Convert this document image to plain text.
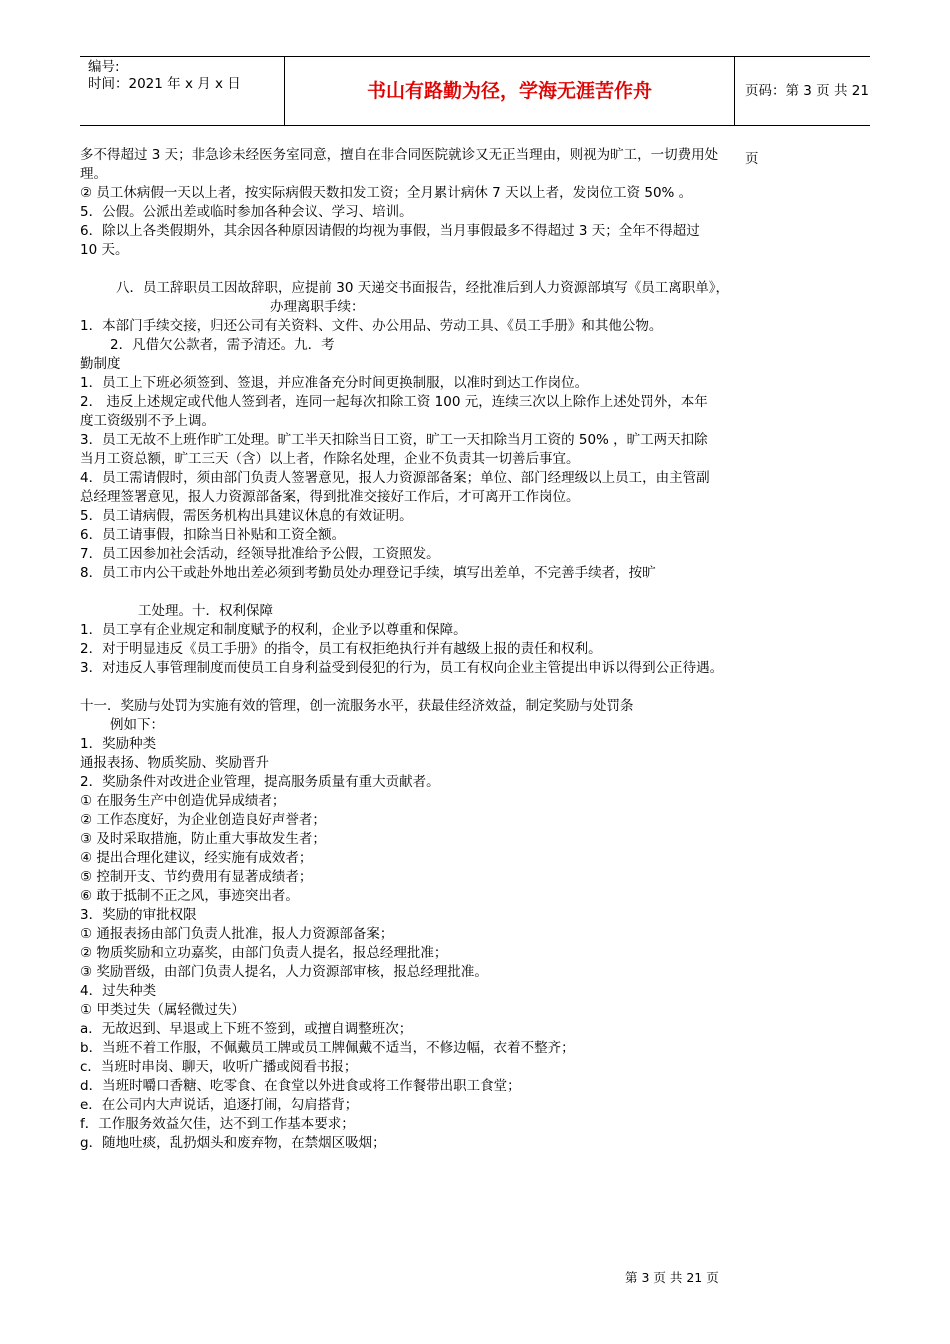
编号:
时间：2021 年 x 月 x 日	书山有路勤为径，学海无涯苦作舟	页码：第 3 页 共 21 页
多不得超过 3 天；非急诊未经医务室同意，擅自在非合同医院就诊又无正当理由，则视为旷工，一切费用处
理。
② 员工休病假一天以上者，按实际病假天数扣发工资；全月累计病休 7 天以上者，发岗位工资 50% 。
5．公假。公派出差或临时参加各种会议、学习、培训。
6．除以上各类假期外，其余因各种原因请假的均视为事假，当月事假最多不得超过 3 天；全年不得超过
10 天。
八．员工辞职员工因故辞职，应提前 30 天递交书面报告，经批准后到人力资源部填写《员工离职单》，
办理离职手续：
1．本部门手续交接，归还公司有关资料、文件、办公用品、劳动工具、《员工手册》和其他公物。
2．凡借欠公款者，需予清还。九．考
勤制度
1．员工上下班必须签到、签退，并应准备充分时间更换制服，以准时到达工作岗位。
2． 违反上述规定或代他人签到者，连同一起每次扣除工资 100 元，连续三次以上除作上述处罚外，本年
度工资级别不予上调。
3．员工无故不上班作旷工处理。旷工半天扣除当日工资，旷工一天扣除当月工资的 50% ，旷工两天扣除
当月工资总额，旷工三天（含）以上者，作除名处理，企业不负责其一切善后事宜。
4．员工需请假时，须由部门负责人签署意见，报人力资源部备案；单位、部门经理级以上员工，由主管副
总经理签署意见，报人力资源部备案，得到批准交接好工作后，才可离开工作岗位。
5．员工请病假，需医务机构出具建议休息的有效证明。
6．员工请事假，扣除当日补贴和工资全额。
7．员工因参加社会活动，经领导批准给予公假，工资照发。
8．员工市内公干或赴外地出差必须到考勤员处办理登记手续，填写出差单，不完善手续者，按旷
工处理。十．权利保障
1．员工享有企业规定和制度赋予的权利，企业予以尊重和保障。
2．对于明显违反《员工手册》的指令，员工有权拒绝执行并有越级上报的责任和权利。
3．对违反人事管理制度而使员工自身利益受到侵犯的行为，员工有权向企业主管提出申诉以得到公正待遇。
十一．奖励与处罚为实施有效的管理，创一流服务水平，获最佳经济效益，制定奖励与处罚条
例如下：
1．奖励种类
通报表扬、物质奖励、奖励晋升
2．奖励条件对改进企业管理，提高服务质量有重大贡献者。
① 在服务生产中创造优异成绩者；
② 工作态度好，为企业创造良好声誉者；
③ 及时采取措施，防止重大事故发生者；
④ 提出合理化建议，经实施有成效者；
⑤ 控制开支、节约费用有显著成绩者；
⑥ 敢于抵制不正之风，事迹突出者。
3．奖励的审批权限
① 通报表扬由部门负责人批准，报人力资源部备案；
② 物质奖励和立功嘉奖，由部门负责人提名，报总经理批准；
③ 奖励晋级，由部门负责人提名，人力资源部审核，报总经理批准。
4．过失种类
① 甲类过失（属轻微过失）
a．无故迟到、早退或上下班不签到，或擅自调整班次；
b．当班不着工作服，不佩戴员工牌或员工牌佩戴不适当，不修边幅，衣着不整齐；
c．当班时串岗、聊天，收听广播或阅看书报；
d．当班时嚼口香糖、吃零食、在食堂以外进食或将工作餐带出职工食堂；
e．在公司内大声说话，追逐打闹，勾肩搭背；
f．工作服务效益欠佳，达不到工作基本要求；
g．随地吐痰，乱扔烟头和废弃物，在禁烟区吸烟；
第 3 页 共 21 页
